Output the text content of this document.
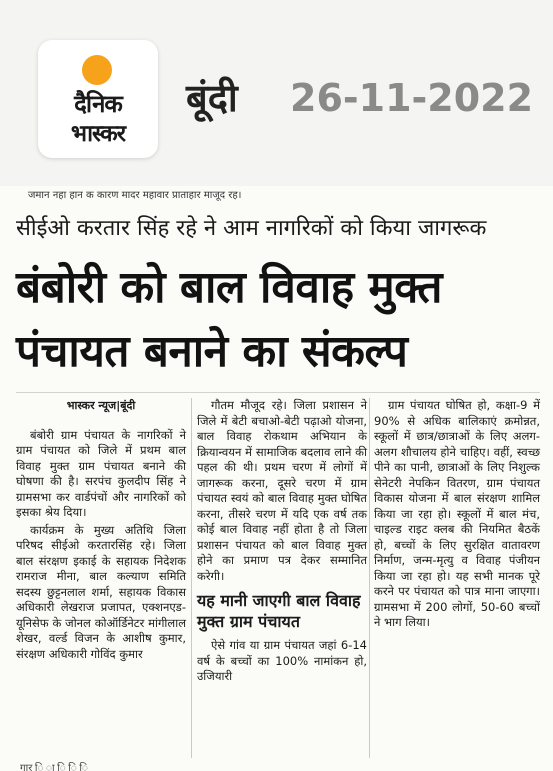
दैनिक
भास्कर
बूंदी 26-11-2022
जमान नहा हान क कारण मादर महावार प्राताहार माजूद रह।
सीईओ करतार सिंह रहे ने आम नागरिकों को किया जागरूक
बंबोरी को बाल विवाह मुक्त
पंचायत बनाने का संकल्प

भास्कर न्यूज|बूंदी

बंबोरी ग्राम पंचायत के नागरिकों ने ग्राम पंचायत को जिले में प्रथम बाल विवाह मुक्त ग्राम पंचायत बनाने की घोषणा की है। सरपंच कुलदीप सिंह ने ग्रामसभा कर वार्डपंचों और नागरिकों को इसका श्रेय दिया।

कार्यक्रम के मुख्य अतिथि जिला परिषद सीईओ करतारसिंह रहे। जिला बाल संरक्षण इकाई के सहायक निदेशक रामराज मीना, बाल कल्याण समिति सदस्य छुट्टनलाल शर्मा, सहायक विकास अधिकारी लेखराज प्रजापत, एक्शनएड-यूनिसेफ के जोनल कोऑर्डिनेटर मांगीलाल शेखर, वर्ल्ड विजन के आशीष कुमार, संरक्षण अधिकारी गोविंद कुमार

गौतम मौजूद रहे। जिला प्रशासन ने जिले में बेटी बचाओ-बेटी पढ़ाओ योजना, बाल विवाह रोकथाम अभियान के क्रियान्वयन में सामाजिक बदलाव लाने की पहल की थी। प्रथम चरण में लोगों में जागरूक करना, दूसरे चरण में ग्राम पंचायत स्वयं को बाल विवाह मुक्त घोषित करना, तीसरे चरण में यदि एक वर्ष तक कोई बाल विवाह नहीं होता है तो जिला प्रशासन पंचायत को बाल विवाह मुक्त होने का प्रमाण पत्र देकर सम्मानित करेगी।

यह मानी जाएगी बाल विवाह मुक्त ग्राम पंचायत

ऐसे गांव या ग्राम पंचायत जहां 6-14 वर्ष के बच्चों का 100% नामांकन हो, उजियारी

ग्राम पंचायत घोषित हो, कक्षा-9 में 90% से अधिक बालिकाएं क्रमोन्नत, स्कूलों में छात्र/छात्राओं के लिए अलग-अलग शौचालय होने चाहिए। वहीं, स्वच्छ पीने का पानी, छात्राओं के लिए निशुल्क सेनेटरी नेपकिन वितरण, ग्राम पंचायत विकास योजना में बाल संरक्षण शामिल किया जा रहा हो। स्कूलों में बाल मंच, चाइल्ड राइट क्लब की नियमित बैठकें हो, बच्चों के लिए सुरक्षित वातावरण निर्माण, जन्म-मृत्यु व विवाह पंजीयन किया जा रहा हो। यह सभी मानक पूरे करने पर पंचायत को पात्र माना जाएगा। ग्रामसभा में 200 लोगों, 50-60 बच्चों ने भाग लिया।

गार ि ा ि ि ि
